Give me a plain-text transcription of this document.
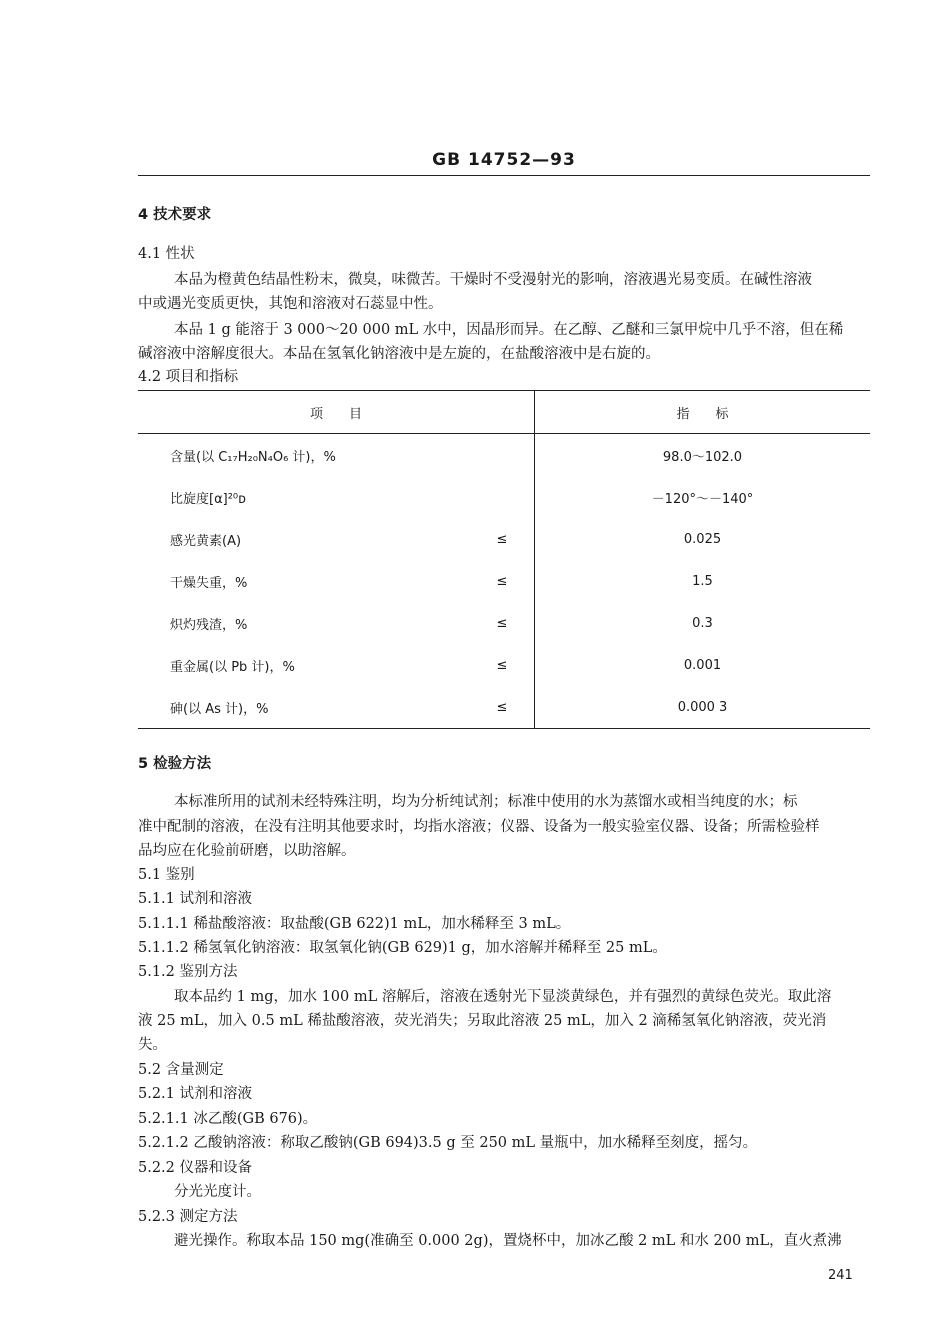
GB 14752—93
4 技术要求
4.1 性状
本品为橙黄色结晶性粉末，微臭，味微苦。干燥时不受漫射光的影响，溶液遇光易变质。在碱性溶液
中或遇光变质更快，其饱和溶液对石蕊显中性。
本品 1 g 能溶于 3 000～20 000 mL 水中，因晶形而异。在乙醇、乙醚和三氯甲烷中几乎不溶，但在稀
碱溶液中溶解度很大。本品在氢氧化钠溶液中是左旋的，在盐酸溶液中是右旋的。
4.2 项目和指标
项　　目		指　　标
含量(以 C₁₇H₂₀N₄O₆ 计)，%		98.0～102.0
比旋度[α]²⁰ᴅ		－120°～－140°
感光黄素(A)	≤	0.025
干燥失重，%	≤	1.5
炽灼残渣，%	≤	0.3
重金属(以 Pb 计)，%	≤	0.001
砷(以 As 计)，%	≤	0.000 3
5 检验方法
本标准所用的试剂未经特殊注明，均为分析纯试剂；标准中使用的水为蒸馏水或相当纯度的水；标
准中配制的溶液，在没有注明其他要求时，均指水溶液；仪器、设备为一般实验室仪器、设备；所需检验样
品均应在化验前研磨，以助溶解。
5.1 鉴别
5.1.1 试剂和溶液
5.1.1.1 稀盐酸溶液：取盐酸(GB 622)1 mL，加水稀释至 3 mL。
5.1.1.2 稀氢氧化钠溶液：取氢氧化钠(GB 629)1 g，加水溶解并稀释至 25 mL。
5.1.2 鉴别方法
取本品约 1 mg，加水 100 mL 溶解后，溶液在透射光下显淡黄绿色，并有强烈的黄绿色荧光。取此溶
液 25 mL，加入 0.5 mL 稀盐酸溶液，荧光消失；另取此溶液 25 mL，加入 2 滴稀氢氧化钠溶液，荧光消
失。
5.2 含量测定
5.2.1 试剂和溶液
5.2.1.1 冰乙酸(GB 676)。
5.2.1.2 乙酸钠溶液：称取乙酸钠(GB 694)3.5 g 至 250 mL 量瓶中，加水稀释至刻度，摇匀。
5.2.2 仪器和设备
分光光度计。
5.2.3 测定方法
避光操作。称取本品 150 mg(准确至 0.000 2g)，置烧杯中，加冰乙酸 2 mL 和水 200 mL，直火煮沸
241
